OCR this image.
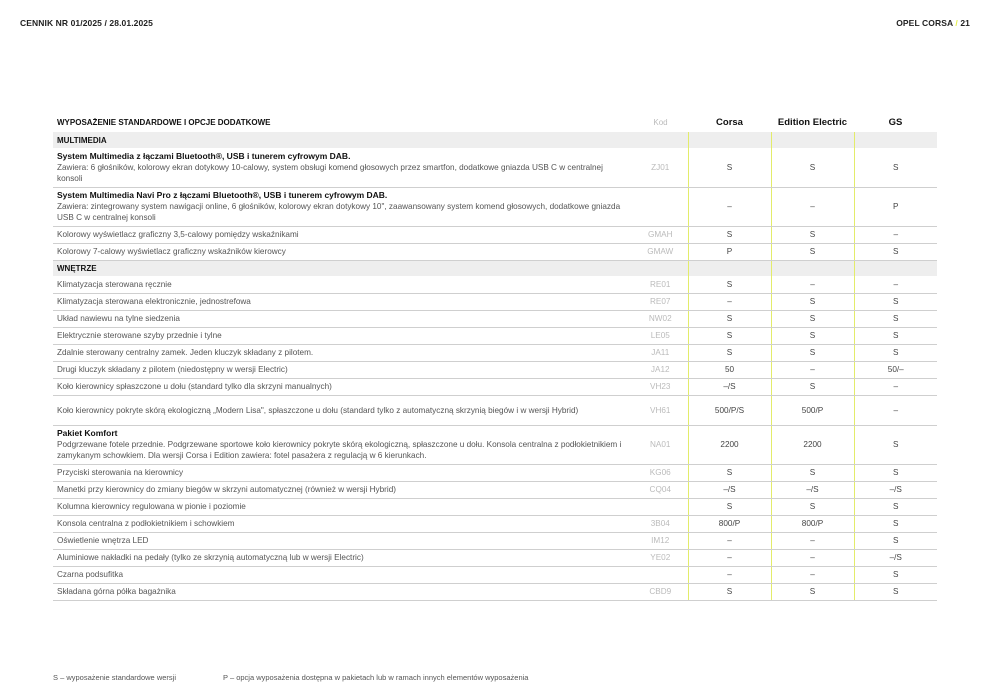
CENNIK NR 01/2025 / 28.01.2025	OPEL CORSA / 21
WYPOSAŻENIE STANDARDOWE I OPCJE DODATKOWE	Kod	Corsa	Edition Electric	GS
MULTIMEDIA				

System Multimedia z łączami Bluetooth®, USB i tunerem cyfrowym DAB.
Zawiera: 6 głośników, kolorowy ekran dotykowy 10-calowy, system obsługi komend głosowych przez smartfon, dodatkowe gniazda USB C w centralnej konsoli	ZJ01	S	S	S

System Multimedia Navi Pro z łączami Bluetooth®, USB i tunerem cyfrowym DAB.
Zawiera: zintegrowany system nawigacji online, 6 głośników, kolorowy ekran dotykowy 10", zaawansowany system komend głosowych, dodatkowe gniazda USB C w centralnej konsoli		–	–	P

Kolorowy wyświetlacz graficzny 3,5-calowy pomiędzy wskaźnikami	GMAH	S	S	–

Kolorowy 7-calowy wyświetlacz graficzny wskaźników kierowcy	GMAW	P	S	S
WNĘTRZE				

Klimatyzacja sterowana ręcznie	RE01	S	–	–

Klimatyzacja sterowana elektronicznie, jednostrefowa	RE07	–	S	S

Układ nawiewu na tylne siedzenia	NW02	S	S	S

Elektrycznie sterowane szyby przednie i tylne	LE05	S	S	S

Zdalnie sterowany centralny zamek. Jeden kluczyk składany z pilotem.	JA11	S	S	S

Drugi kluczyk składany z pilotem (niedostępny w wersji Electric)	JA12	50	–	50/–

Koło kierownicy spłaszczone u dołu (standard tylko dla skrzyni manualnych)	VH23	–/S	S	–

Koło kierownicy pokryte skórą ekologiczną „Modern Lisa", spłaszczone u dołu (standard tylko z automatyczną skrzynią biegów i w wersji Hybrid)	VH61	500/P/S	500/P	–

Pakiet Komfort
Podgrzewane fotele przednie. Podgrzewane sportowe koło kierownicy pokryte skórą ekologiczną, spłaszczone u dołu. Konsola centralna z podłokietnikiem i zamykanym schowkiem. Dla wersji Corsa i Edition zawiera: fotel pasażera z regulacją w 6 kierunkach.	NA01	2200	2200	S

Przyciski sterowania na kierownicy	KG06	S	S	S

Manetki przy kierownicy do zmiany biegów w skrzyni automatycznej (również w wersji Hybrid)	CQ04	–/S	–/S	–/S

Kolumna kierownicy regulowana w pionie i poziomie		S	S	S

Konsola centralna z podłokietnikiem i schowkiem	3B04	800/P	800/P	S

Oświetlenie wnętrza LED	IM12	–	–	S

Aluminiowe nakładki na pedały (tylko ze skrzynią automatyczną lub w wersji Electric)	YE02	–	–	–/S

Czarna podsufitka		–	–	S

Składana górna półka bagażnika	CBD9	S	S	S
S – wyposażenie standardowe wersji	P – opcja wyposażenia dostępna w pakietach lub w ramach innych elementów wyposażenia
